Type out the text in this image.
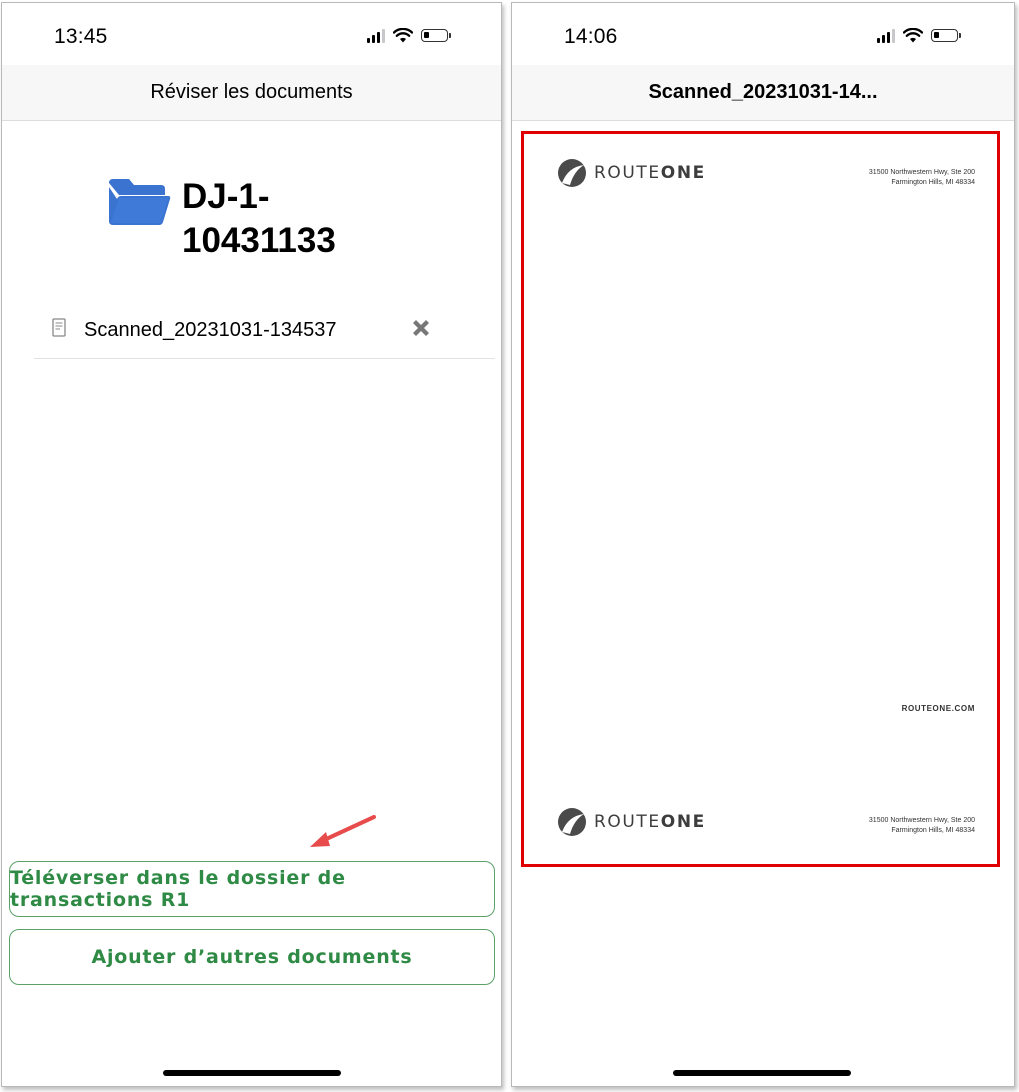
13:45
Réviser les documents
DJ-1-10431133
Scanned_20231031-134537
Téléverser dans le dossier de transactions R1
Ajouter d’autres documents
14:06
Scanned_20231031-14...
ROUTEONE	31500 Northwestern Hwy, Ste 200
Farmington Hills, MI 48334
ROUTEONE.COM
ROUTEONE	31500 Northwestern Hwy, Ste 200
Farmington Hills, MI 48334
